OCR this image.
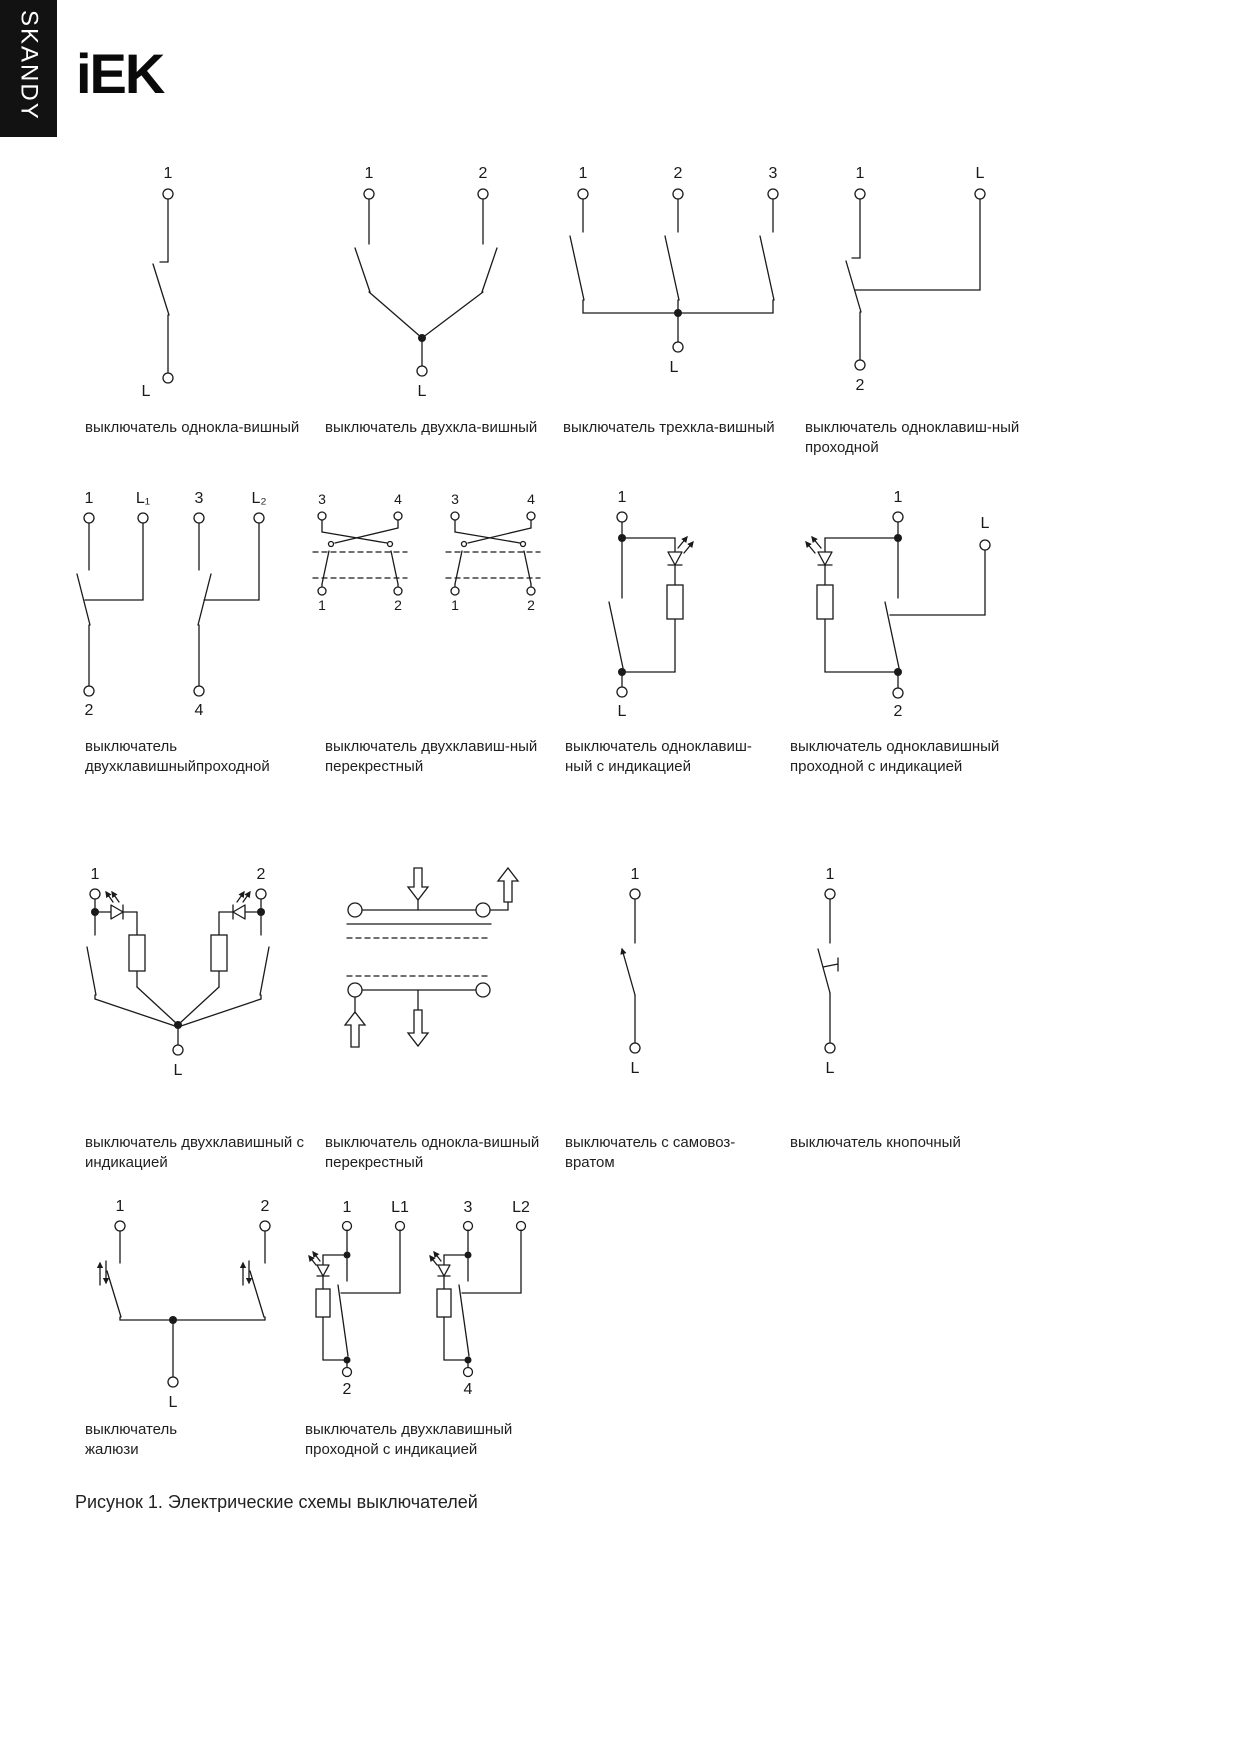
SKANDY iEK
1
L
1	2
L
1	2	3
L
1	L
2
1	L₁	3	L₂
2	4
3	4
1	2
3	4
1	2
1
L
1
L
2
1	2
L
1
L
1
L
1	2
L
1 L1
2
3 L2
4
выключатель однокла-вишный	выключатель двухкла-вишный	выключатель трехкла-вишный	выключатель одноклавиш-ный
проходной
выключатель
двухклавишныйпроходной
выключатель двухклавиш-ный
перекрестный
выключатель одноклавиш-
ный с индикацией
выключатель одноклавишный
проходной с индикацией
выключатель двухклавишный с
индикацией
выключатель однокла-вишный
перекрестный
выключатель с самовоз-
вратом
выключатель кнопочный
выключатель
жалюзи
выключатель двухклавишный
проходной с индикацией
Рисунок 1. Электрические схемы выключателей
